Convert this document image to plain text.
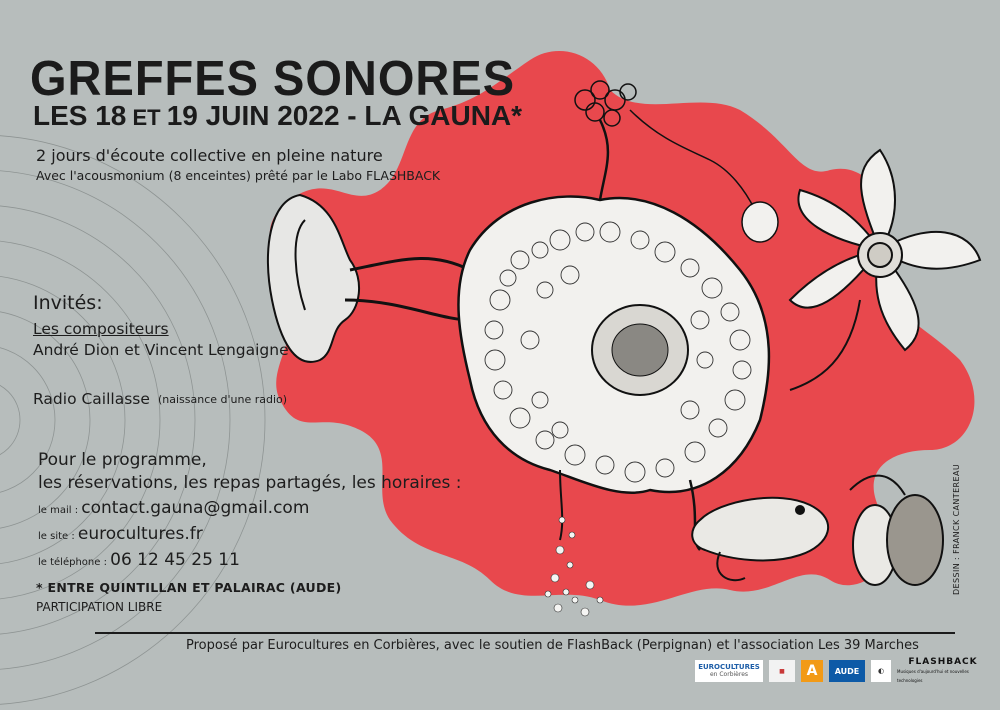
GREFFES SONORES
LES 18 ET 19 JUIN 2022 - LA GAUNA*
2 jours d'écoute collective en pleine nature
Avec l'acousmonium (8 enceintes) prêté par le Labo FLASHBACK
Invités:
Les compositeurs
André Dion et Vincent Lengaigne
Radio Caillasse (naissance d'une radio)
Pour le programme,
les réservations, les repas partagés, les horaires :
le mail : contact.gauna@gmail.com
le site : eurocultures.fr
le téléphone : 06 12 45 25 11
* ENTRE QUINTILLAN ET PALAIRAC (AUDE)
PARTICIPATION LIBRE
Proposé par Eurocultures en Corbières, avec le soutien de FlashBack (Perpignan) et l'association Les 39 Marches
DESSIN : FRANCK CANTEREAU
EUROCULTURES
en Corbières	■	A	AUDE	◐
FLASHBACK
Musiques d'aujourd'hui et nouvelles technologies
